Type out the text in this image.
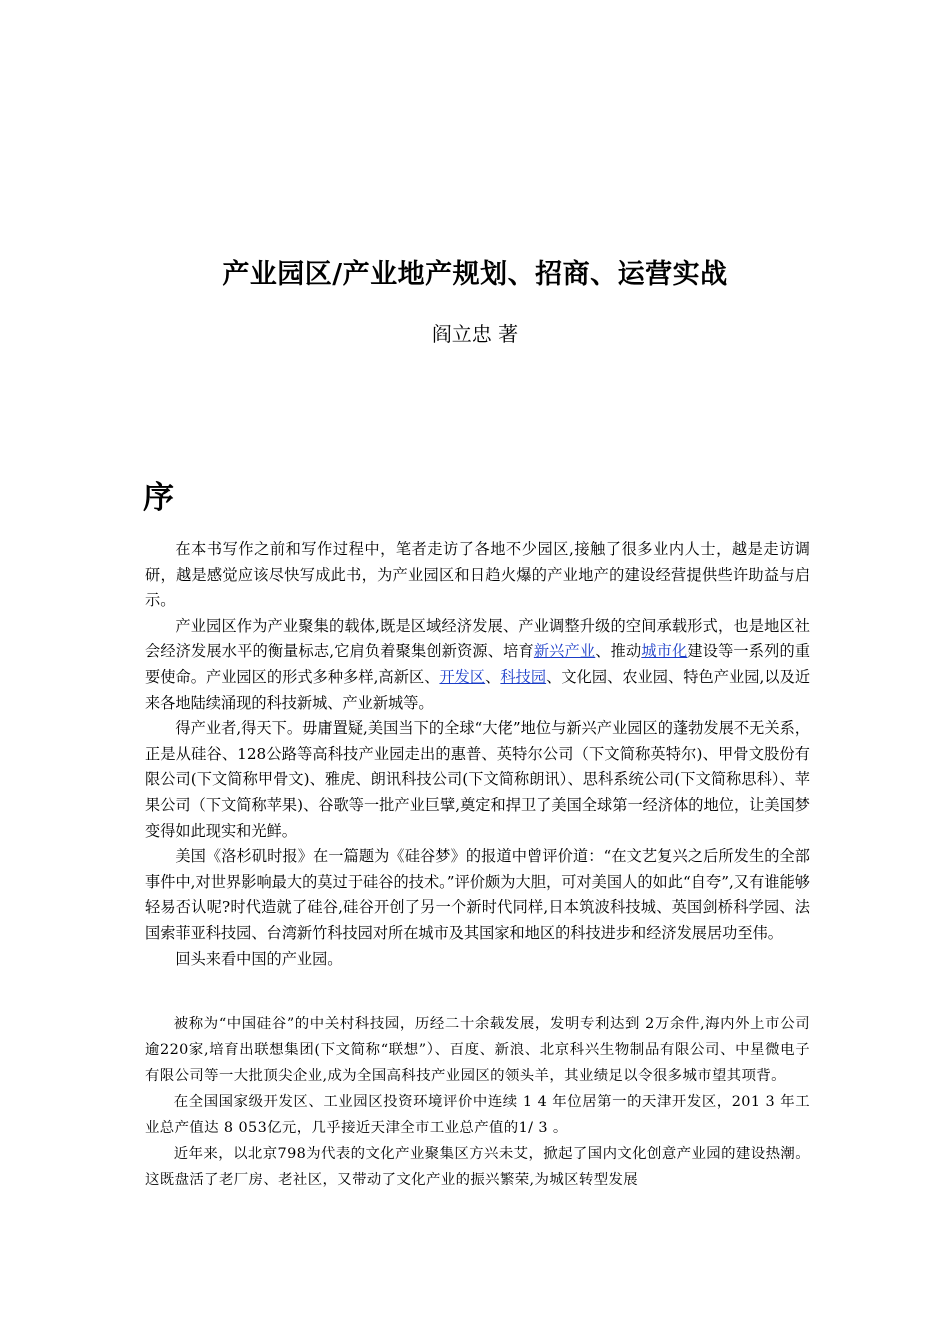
产业园区/产业地产规划、招商、运营实战
阎立忠 著
序

在本书写作之前和写作过程中，笔者走访了各地不少园区,接触了很多业内人士，越是走访调研，越是感觉应该尽快写成此书，为产业园区和日趋火爆的产业地产的建设经营提供些许助益与启示。

产业园区作为产业聚集的载体,既是区域经济发展、产业调整升级的空间承载形式，也是地区社会经济发展水平的衡量标志,它肩负着聚集创新资源、培育新兴产业、推动城市化建设等一系列的重要使命。产业园区的形式多种多样,高新区、开发区、科技园、文化园、农业园、特色产业园,以及近来各地陆续涌现的科技新城、产业新城等。

得产业者,得天下。毋庸置疑,美国当下的全球“大佬”地位与新兴产业园区的蓬勃发展不无关系，正是从硅谷、128公路等高科技产业园走出的惠普、英特尔公司（下文简称英特尔)、甲骨文股份有限公司(下文简称甲骨文)、雅虎、朗讯科技公司(下文简称朗讯）、思科系统公司(下文简称思科）、苹果公司（下文简称苹果)、谷歌等一批产业巨擘,奠定和捍卫了美国全球第一经济体的地位，让美国梦变得如此现实和光鲜。

美国《洛杉矶时报》在一篇题为《硅谷梦》的报道中曾评价道：“在文艺复兴之后所发生的全部事件中,对世界影响最大的莫过于硅谷的技术。”评价颇为大胆，可对美国人的如此“自夸”,又有谁能够轻易否认呢?时代造就了硅谷,硅谷开创了另一个新时代同样,日本筑波科技城、英国剑桥科学园、法国索菲亚科技园、台湾新竹科技园对所在城市及其国家和地区的科技进步和经济发展居功至伟。

回头来看中国的产业园。

被称为“中国硅谷”的中关村科技园，历经二十余载发展，发明专利达到 2万余件,海内外上市公司逾220家,培育出联想集团(下文简称“联想”）、百度、新浪、北京科兴生物制品有限公司、中星微电子有限公司等一大批顶尖企业,成为全国高科技产业园区的领头羊，其业绩足以令很多城市望其项背。

在全国国家级开发区、工业园区投资环境评价中连续 1 4 年位居第一的天津开发区，201 3 年工业总产值达 8 053亿元，几乎接近天津全市工业总产值的1/ 3 。

近年来，以北京798为代表的文化产业聚集区方兴未艾，掀起了国内文化创意产业园的建设热潮。这既盘活了老厂房、老社区，又带动了文化产业的振兴繁荣,为城区转型发展
